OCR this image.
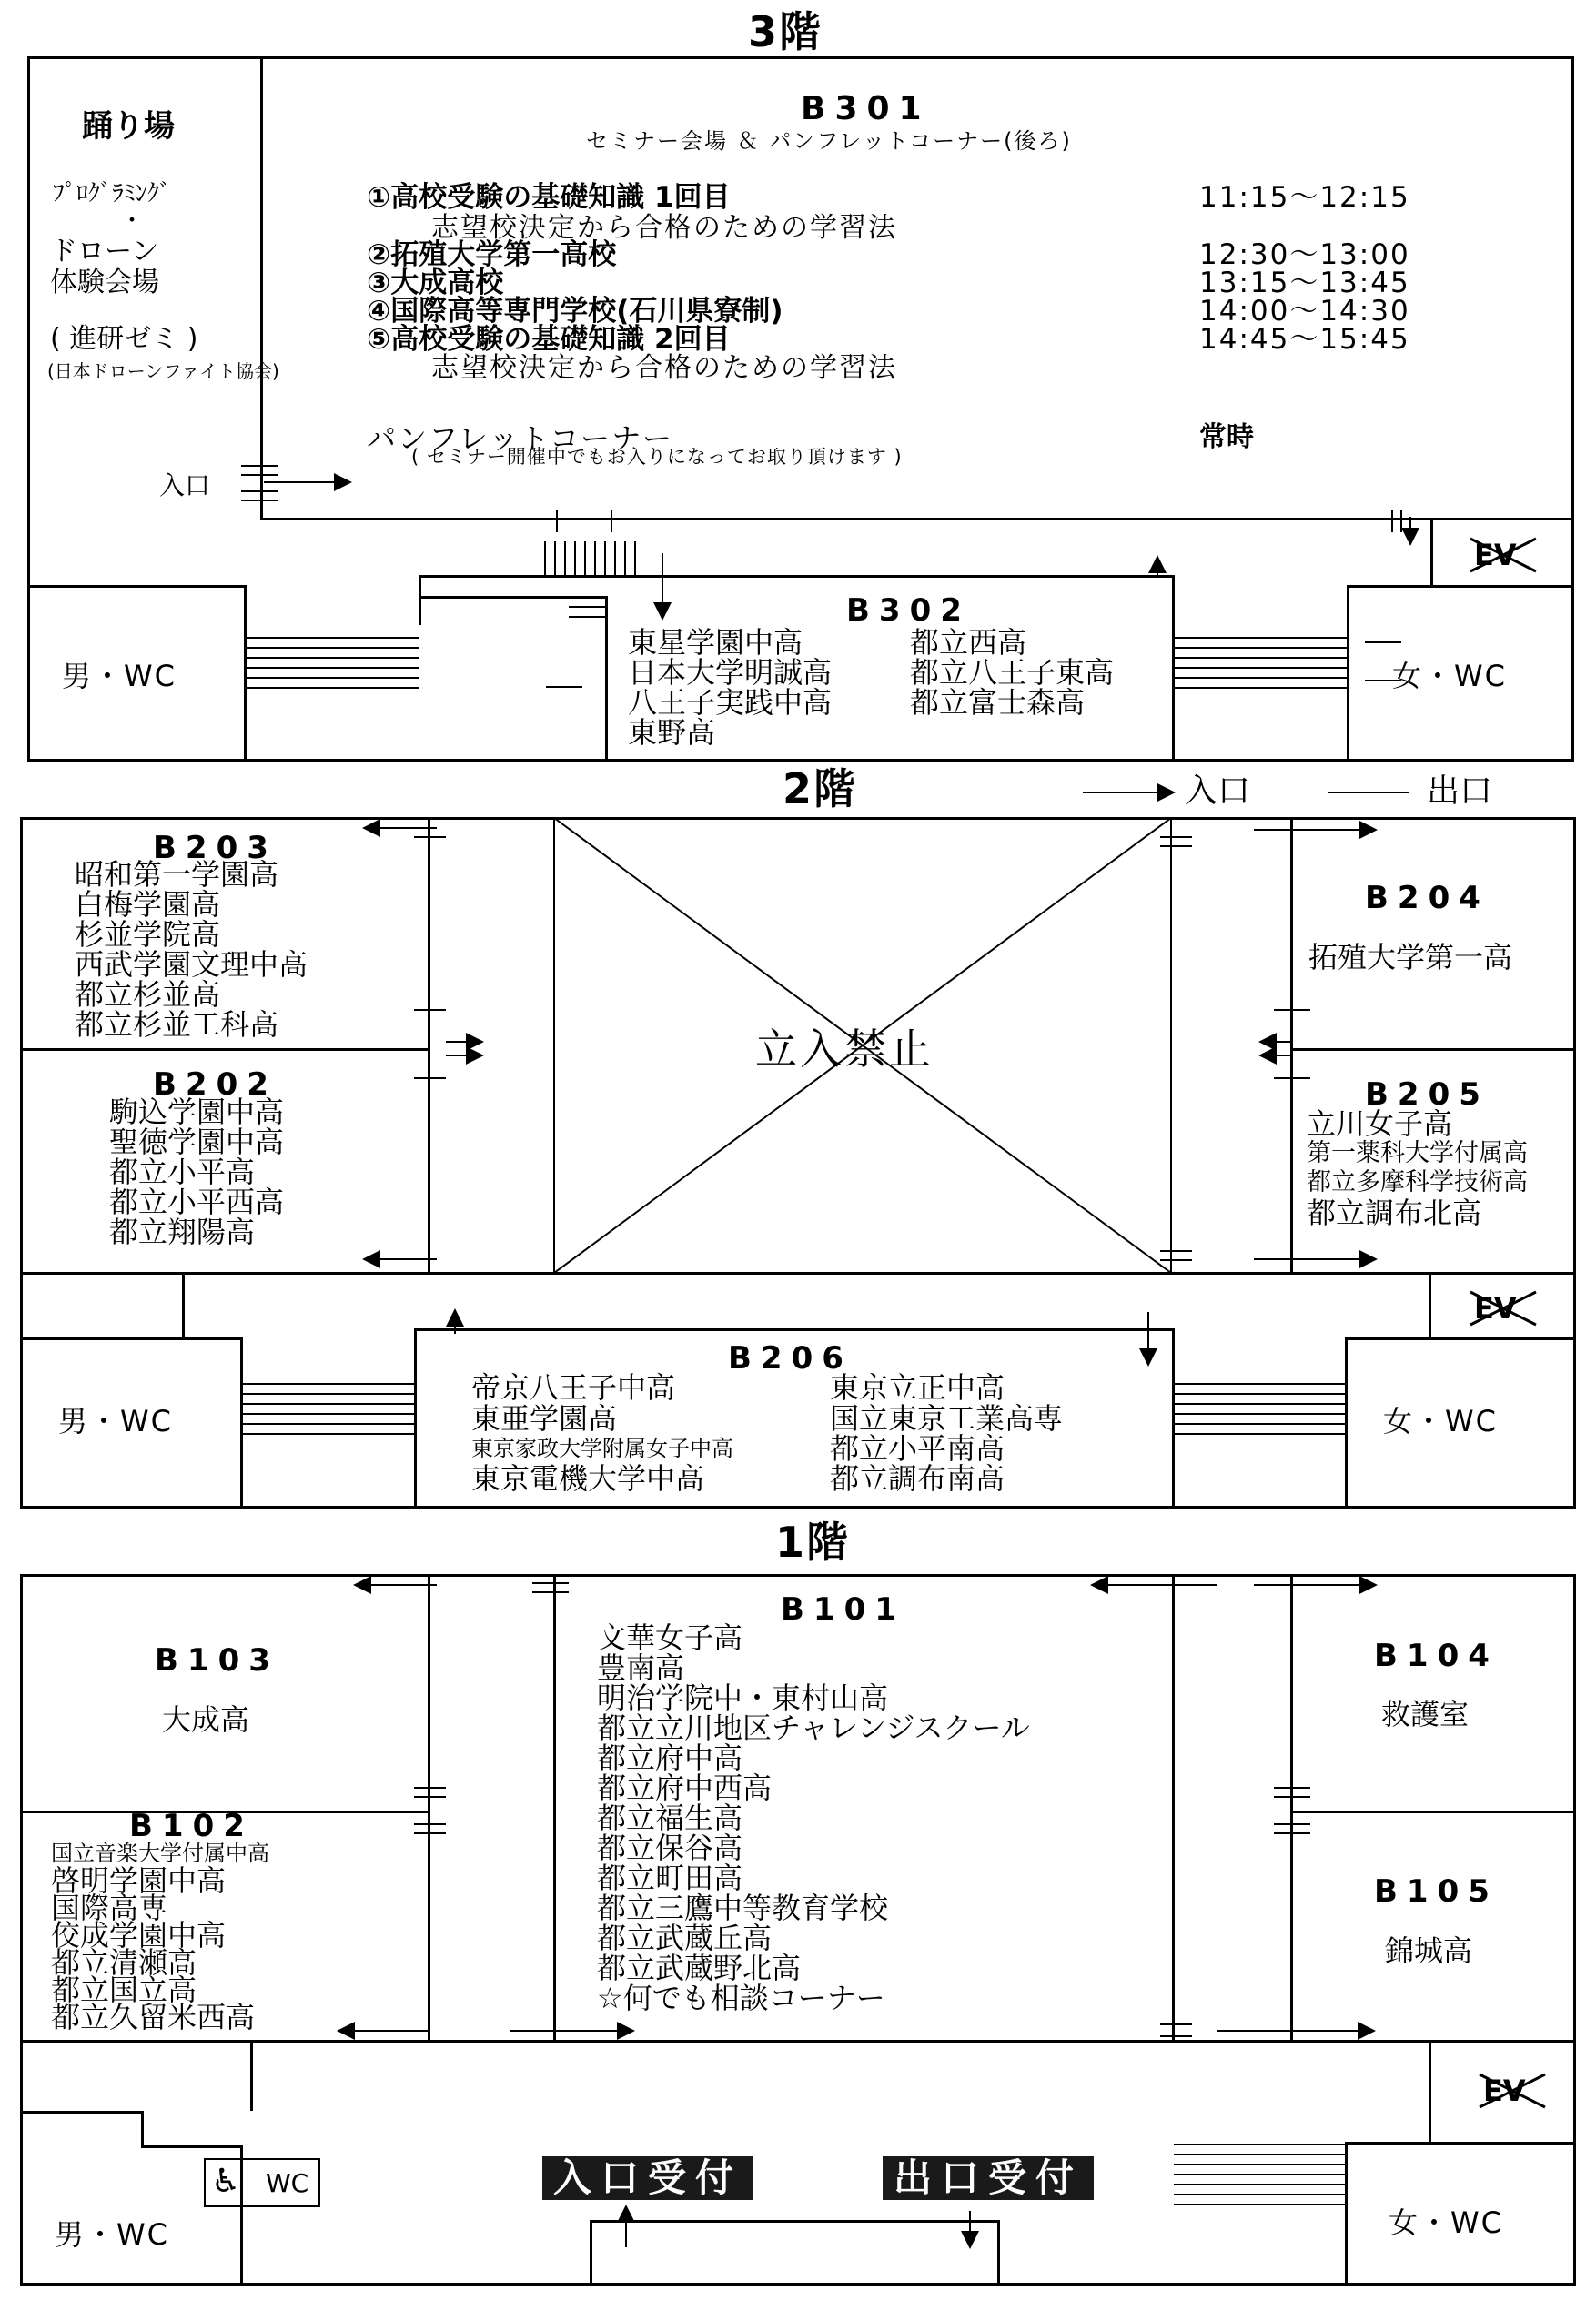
3階
踊り場
ﾌﾟﾛｸﾞﾗﾐﾝｸﾞ
・
ドローン
体験会場
( 進研ゼミ )
(日本ドローンファイト協会)
B301
セミナー会場 ＆ パンフレットコーナー(後ろ)
①高校受験の基礎知識 1回目	11:15〜12:15
志望校決定から合格のための学習法
②拓殖大学第一高校	12:30〜13:00
③大成高校	13:15〜13:45
④国際高等専門学校(石川県寮制)	14:00〜14:30
⑤高校受験の基礎知識 2回目	14:45〜15:45
志望校決定から合格のための学習法
パンフレットコーナー	常時
( セミナー開催中でもお入りになってお取り頂けます )
入口
B302
東星学園中高
日本大学明誠高
八王子実践中高
東野高
都立西高
都立八王子東高
都立富士森高
男・WC	女・WC
2階	入口	出口
立入禁止
B203
昭和第一学園高
白梅学園高
杉並学院高
西武学園文理中高
都立杉並高
都立杉並工科高
B202
駒込学園中高
聖徳学園中高
都立小平高
都立小平西高
都立翔陽高
B204
拓殖大学第一高
B205
立川女子高
第一薬科大学付属高
都立多摩科学技術高
都立調布北高
B206
帝京八王子中高
東亜学園高
東京家政大学附属女子中高
東京電機大学中高
東京立正中高
国立東京工業高専
都立小平南高
都立調布南高
男・WC	女・WC
1階
B103
大成高
B102
国立音楽大学付属中高
啓明学園中高
国際高専
佼成学園中高
都立清瀬高
都立国立高
都立久留米西高
B101
文華女子高
豊南高
明治学院中・東村山高
都立立川地区チャレンジスクール
都立府中高
都立府中西高
都立福生高
都立保谷高
都立町田高
都立三鷹中等教育学校
都立武蔵丘高
都立武蔵野北高
☆何でも相談コーナー
B104
救護室
B105
錦城高
入口受付	出口受付
♿ WC
男・WC	女・WC
EV
EV
EV
